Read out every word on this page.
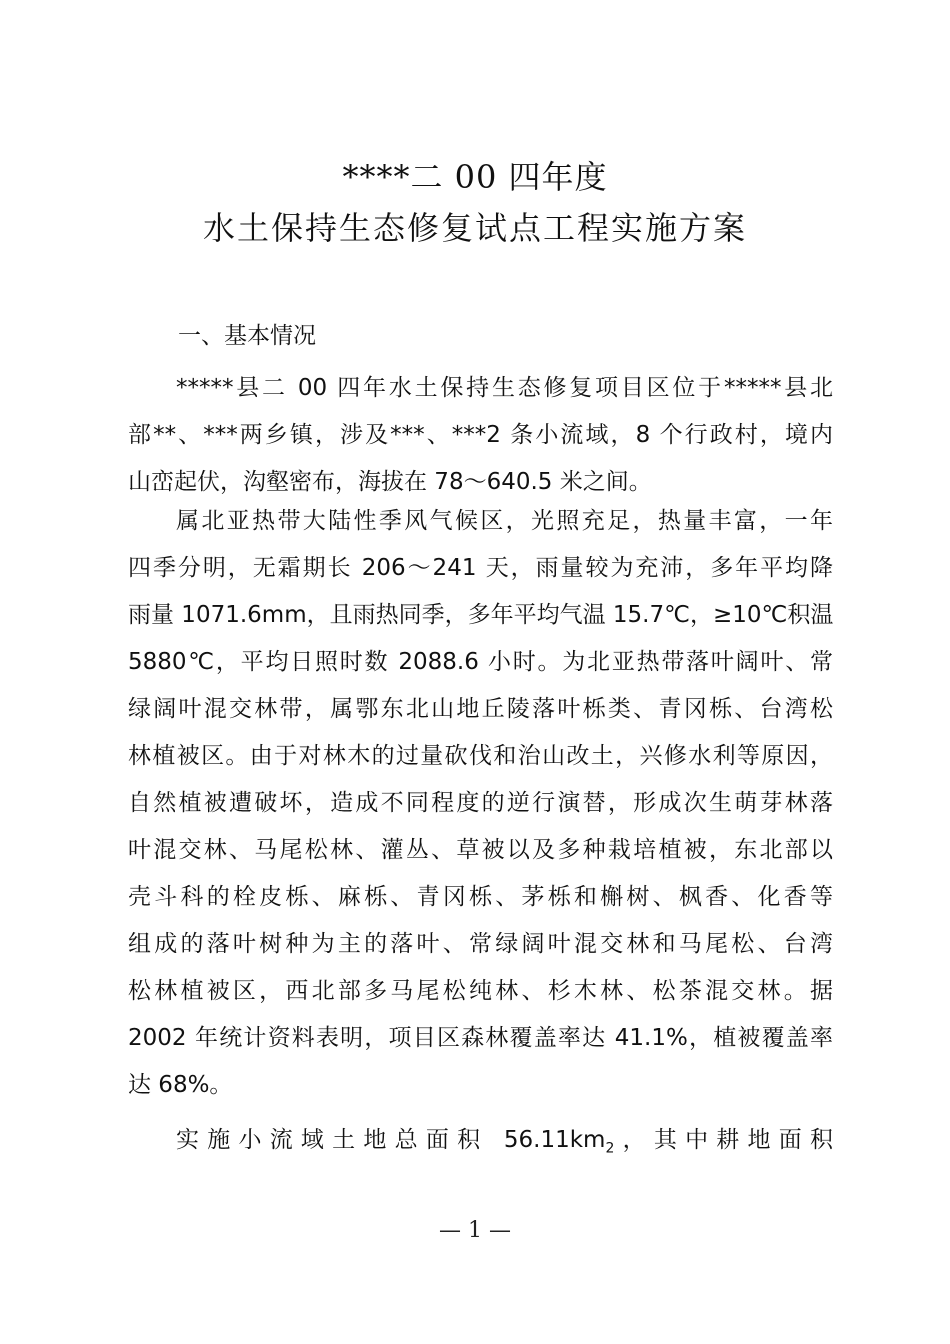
****二 00 四年度
水土保持生态修复试点工程实施方案
一、基本情况
*****县二 00 四年水土保持生态修复项目区位于*****县北
部**、***两乡镇，涉及***、***2 条小流域，8 个行政村，境内
山峦起伏，沟壑密布，海拔在 78～640.5 米之间。
属北亚热带大陆性季风气候区，光照充足，热量丰富，一年
四季分明，无霜期长 206～241 天，雨量较为充沛，多年平均降
雨量 1071.6mm，且雨热同季，多年平均气温 15.7℃，≥10℃积温
5880℃，平均日照时数 2088.6 小时。为北亚热带落叶阔叶、常
绿阔叶混交林带，属鄂东北山地丘陵落叶栎类、青冈栎、台湾松
林植被区。由于对林木的过量砍伐和治山改土，兴修水利等原因，
自然植被遭破坏，造成不同程度的逆行演替，形成次生萌芽林落
叶混交林、马尾松林、灌丛、草被以及多种栽培植被，东北部以
壳斗科的栓皮栎、麻栎、青冈栎、茅栎和槲树、枫香、化香等
组成的落叶树种为主的落叶、常绿阔叶混交林和马尾松、台湾
松林植被区，西北部多马尾松纯林、杉木林、松茶混交林。据
2002 年统计资料表明，项目区森林覆盖率达 41.1%，植被覆盖率
达 68%。
实施小流域土地总面积 $56.11km_2$，其中耕地面积
— 1 —
